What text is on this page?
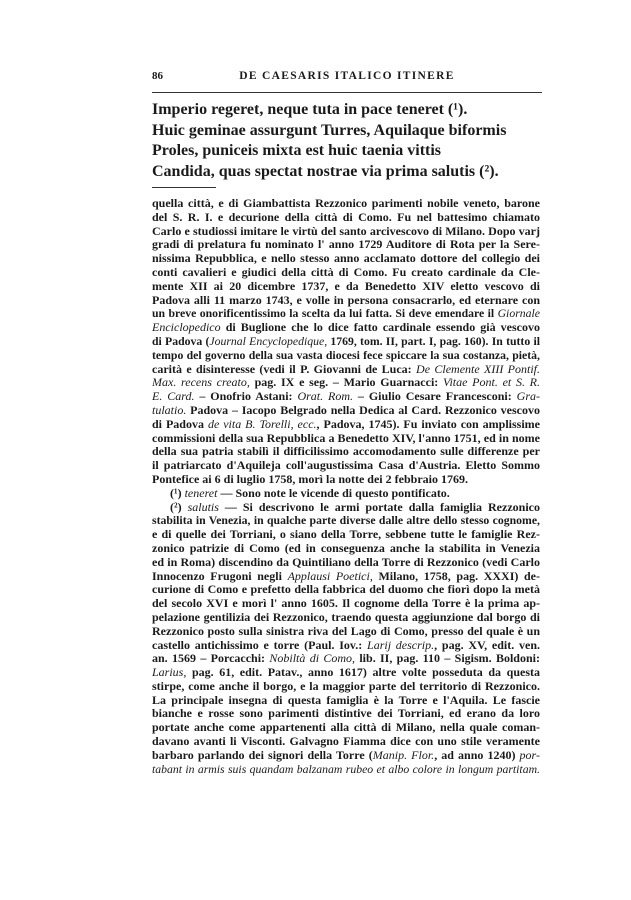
86	DE CAESARIS ITALICO ITINERE
Imperio regeret, neque tuta in pace teneret (¹).
Huic geminae assurgunt Turres, Aquilaque biformis
Proles, puniceis mixta est huic taenia vittis
Candida, quas spectat nostrae via prima salutis (²).
quella città, e di Giambattista Rezzonico parimenti nobile veneto, barone
del S. R. I. e decurione della città di Como. Fu nel battesimo chiamato
Carlo e studiossi imitare le virtù del santo arcivescovo di Milano. Dopo varj
gradi di prelatura fu nominato l' anno 1729 Auditore di Rota per la Sere-
nissima Repubblica, e nello stesso anno acclamato dottore del collegio dei
conti cavalieri e giudici della città di Como. Fu creato cardinale da Cle-
mente XII ai 20 dicembre 1737, e da Benedetto XIV eletto vescovo di
Padova alli 11 marzo 1743, e volle in persona consacrarlo, ed eternare con
un breve onorificentissimo la scelta da lui fatta. Si deve emendare il Giornale
Enciclopedico di Buglione che lo dice fatto cardinale essendo già vescovo
di Padova (Journal Encyclopedique, 1769, tom. II, part. I, pag. 160). In tutto il
tempo del governo della sua vasta diocesi fece spiccare la sua costanza, pietà,
carità e disinteresse (vedi il P. Giovanni de Luca: De Clemente XIII Pontif.
Max. recens creato, pag. IX e seg. – Mario Guarnacci: Vitae Pont. et S. R.
E. Card. – Onofrio Astani: Orat. Rom. – Giulio Cesare Francesconi: Gra-
tulatio. Padova – Iacopo Belgrado nella Dedica al Card. Rezzonico vescovo
di Padova de vita B. Torelli, ecc., Padova, 1745). Fu inviato con amplissime
commissioni della sua Repubblica a Benedetto XIV, l'anno 1751, ed in nome
della sua patria stabilì il difficilissimo accomodamento sulle differenze per
il patriarcato d'Aquileja coll'augustissima Casa d'Austria. Eletto Sommo
Pontefice ai 6 di luglio 1758, morì la notte dei 2 febbraio 1769.
(¹) teneret — Sono note le vicende di questo pontificato.
(²) salutis — Si descrivono le armi portate dalla famiglia Rezzonico
stabilita in Venezia, in qualche parte diverse dalle altre dello stesso cognome,
e di quelle dei Torriani, o siano della Torre, sebbene tutte le famiglie Rez-
zonico patrizie di Como (ed in conseguenza anche la stabilita in Venezia
ed in Roma) discendino da Quintiliano della Torre di Rezzonico (vedi Carlo
Innocenzo Frugoni negli Applausi Poetici, Milano, 1758, pag. XXXI) de-
curione di Como e prefetto della fabbrica del duomo che fiorì dopo la metà
del secolo XVI e morì l' anno 1605. Il cognome della Torre è la prima ap-
pelazione gentilizia dei Rezzonico, traendo questa aggiunzione dal borgo di
Rezzonico posto sulla sinistra riva del Lago di Como, presso del quale è un
castello antichissimo e torre (Paul. Iov.: Larij descrip., pag. XV, edit. ven.
an. 1569 – Porcacchi: Nobiltà di Como, lib. II, pag. 110 – Sigism. Boldoni:
Larius, pag. 61, edit. Patav., anno 1617) altre volte posseduta da questa
stirpe, come anche il borgo, e la maggior parte del territorio di Rezzonico.
La principale insegna di questa famiglia è la Torre e l'Aquila. Le fascie
bianche e rosse sono parimenti distintive dei Torriani, ed erano da loro
portate anche come appartenenti alla città di Milano, nella quale coman-
davano avanti li Visconti. Galvagno Fiamma dice con uno stile veramente
barbaro parlando dei signori della Torre (Manip. Flor., ad anno 1240) por-
tabant in armis suis quandam balzanam rubeo et albo colore in longum partitam.
